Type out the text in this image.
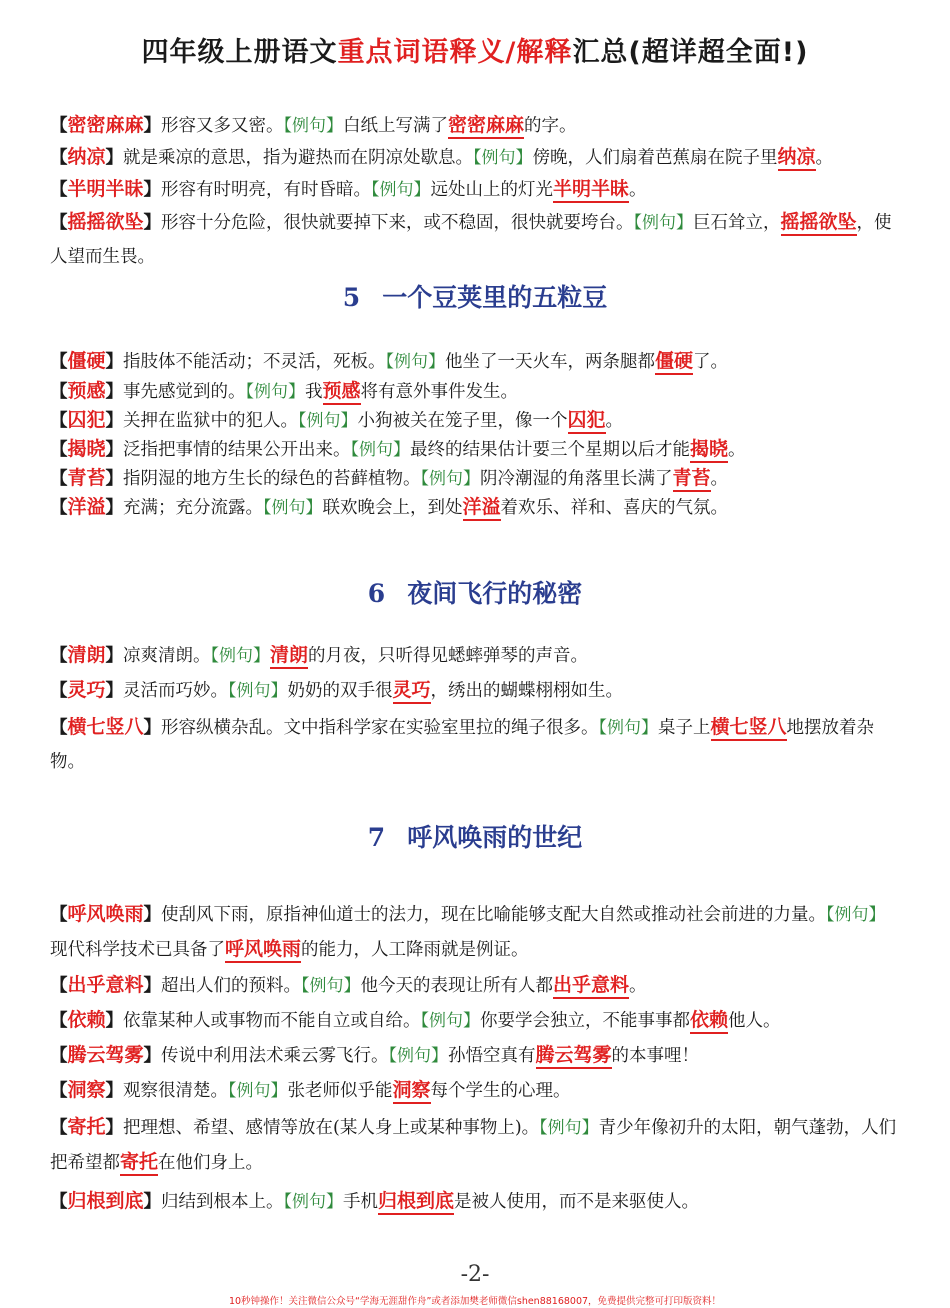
四年级上册语文重点词语释义/解释汇总(超详超全面!)
【密密麻麻】形容又多又密。【例句】白纸上写满了密密麻麻的字。
【纳凉】就是乘凉的意思，指为避热而在阴凉处歇息。【例句】傍晚，人们扇着芭蕉扇在院子里纳凉。
【半明半昧】形容有时明亮，有时昏暗。【例句】远处山上的灯光半明半昧。
【摇摇欲坠】形容十分危险，很快就要掉下来，或不稳固，很快就要垮台。【例句】巨石耸立，摇摇欲坠，使人望而生畏。
5 一个豆荚里的五粒豆
【僵硬】指肢体不能活动；不灵活，死板。【例句】他坐了一天火车，两条腿都僵硬了。
【预感】事先感觉到的。【例句】我预感将有意外事件发生。
【囚犯】关押在监狱中的犯人。【例句】小狗被关在笼子里，像一个囚犯。
【揭晓】泛指把事情的结果公开出来。【例句】最终的结果估计要三个星期以后才能揭晓。
【青苔】指阴湿的地方生长的绿色的苔藓植物。【例句】阴冷潮湿的角落里长满了青苔。
【洋溢】充满；充分流露。【例句】联欢晚会上，到处洋溢着欢乐、祥和、喜庆的气氛。
6 夜间飞行的秘密
【清朗】凉爽清朗。【例句】清朗的月夜，只听得见蟋蟀弹琴的声音。
【灵巧】灵活而巧妙。【例句】奶奶的双手很灵巧，绣出的蝴蝶栩栩如生。
【横七竖八】形容纵横杂乱。文中指科学家在实验室里拉的绳子很多。【例句】桌子上横七竖八地摆放着杂物。
7 呼风唤雨的世纪
【呼风唤雨】使刮风下雨，原指神仙道士的法力，现在比喻能够支配大自然或推动社会前进的力量。【例句】现代科学技术已具备了呼风唤雨的能力，人工降雨就是例证。
【出乎意料】超出人们的预料。【例句】他今天的表现让所有人都出乎意料。
【依赖】依靠某种人或事物而不能自立或自给。【例句】你要学会独立，不能事事都依赖他人。
【腾云驾雾】传说中利用法术乘云雾飞行。【例句】孙悟空真有腾云驾雾的本事哩！
【洞察】观察很清楚。【例句】张老师似乎能洞察每个学生的心理。
【寄托】把理想、希望、感情等放在(某人身上或某种事物上)。【例句】青少年像初升的太阳，朝气蓬勃，人们把希望都寄托在他们身上。
【归根到底】归结到根本上。【例句】手机归根到底是被人使用，而不是来驱使人。
-2-
10秒钟操作！关注微信公众号“学海无涯甜作舟”或者添加樊老师微信shen88168007，免费提供完整可打印版资料！
